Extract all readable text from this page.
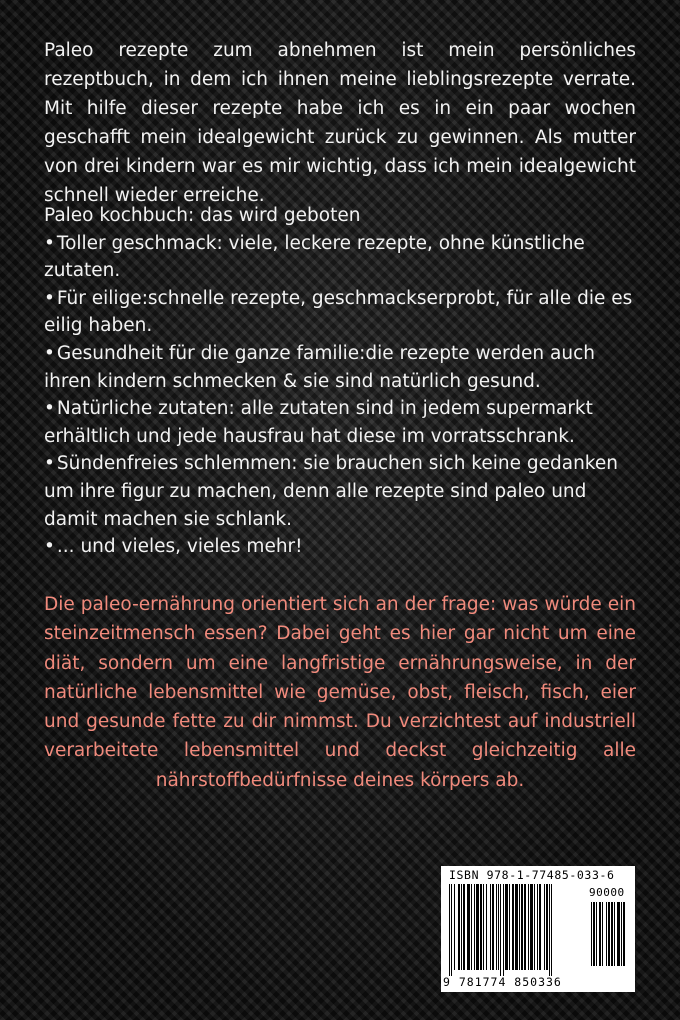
Paleo rezepte zum abnehmen ist mein persönliches rezeptbuch, in dem ich ihnen meine lieblingsrezepte verrate. Mit hilfe dieser rezepte habe ich es in ein paar wochen geschafft mein idealgewicht zurück zu gewinnen. Als mutter von drei kindern war es mir wichtig, dass ich mein idealgewicht schnell wieder erreiche.

Paleo kochbuch: das wird geboten

• Toller geschmack: viele, leckere rezepte, ohne künstliche zutaten.
• Für eilige:schnelle rezepte, geschmackserprobt, für alle die es eilig haben.
• Gesundheit für die ganze familie:die rezepte werden auch ihren kindern schmecken & sie sind natürlich gesund.
• Natürliche zutaten: alle zutaten sind in jedem supermarkt erhältlich und jede hausfrau hat diese im vorratsschrank.
• Sündenfreies schlemmen: sie brauchen sich keine gedanken um ihre figur zu machen, denn alle rezepte sind paleo und damit machen sie schlank.
• ... und vieles, vieles mehr!

Die paleo-ernährung orientiert sich an der frage: was würde ein steinzeitmensch essen? Dabei geht es hier gar nicht um eine diät, sondern um eine langfristige ernährungsweise, in der natürliche lebensmittel wie gemüse, obst, fleisch, fisch, eier und gesunde fette zu dir nimmst. Du verzichtest auf industriell verarbeitete lebensmittel und deckst gleichzeitig alle nährstoffbedürfnisse deines körpers ab.

ISBN 978-1-77485-033-6
90000
9 781774 850336
